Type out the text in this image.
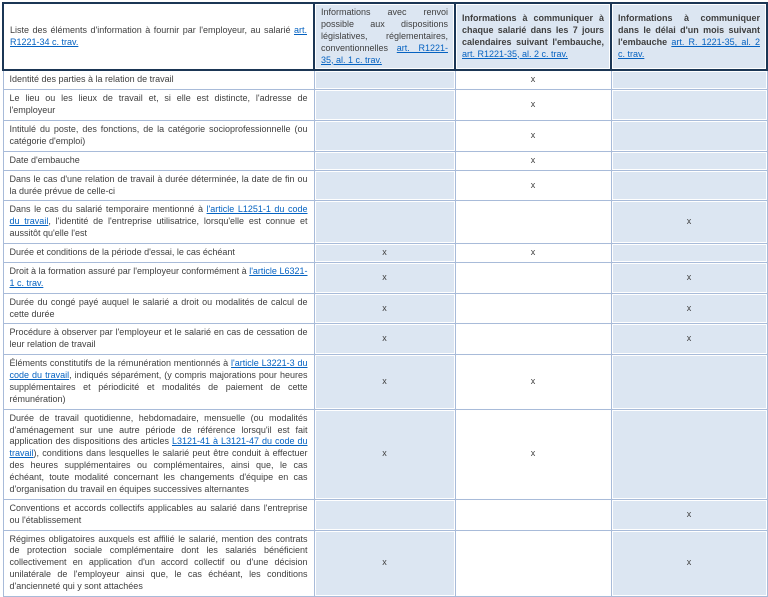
Liste des éléments d'information à fournir par l'employeur, au salarié art. R1221-34 c. trav.	Informations avec renvoi possible aux dispositions législatives, réglementaires, conventionnelles art. R1221-35, al. 1 c. trav.	Informations à communiquer à chaque salarié dans les 7 jours calendaires suivant l'embauche, art. R1221-35, al. 2 c. trav.	Informations à communiquer dans le délai d'un mois suivant l'embauche art. R. 1221-35, al. 2 c. trav.
Identité des parties à la relation de travail		x	
Le lieu ou les lieux de travail et, si elle est distincte, l'adresse de l'employeur		x	
Intitulé du poste, des fonctions, de la catégorie socioprofessionnelle (ou catégorie d'emploi)		x	
Date d'embauche		x	
Dans le cas d'une relation de travail à durée déterminée, la date de fin ou la durée prévue de celle-ci		x	
Dans le cas du salarié temporaire mentionné à l'article L1251-1 du code du travail, l'identité de l'entreprise utilisatrice, lorsqu'elle est connue et aussitôt qu'elle l'est			x
Durée et conditions de la période d'essai, le cas échéant	x	x	
Droit à la formation assuré par l'employeur conformément à l'article L6321-1 c. trav.	x		x
Durée du congé payé auquel le salarié a droit ou modalités de calcul de cette durée	x		x
Procédure à observer par l'employeur et le salarié en cas de cessation de leur relation de travail	x		x
Éléments constitutifs de la rémunération mentionnés à l'article L3221-3 du code du travail, indiqués séparément, (y compris majorations pour heures supplémentaires et périodicité et modalités de paiement de cette rémunération)	x	x	
Durée de travail quotidienne, hebdomadaire, mensuelle (ou modalités d'aménagement sur une autre période de référence lorsqu'il est fait application des dispositions des articles L3121-41 à L3121-47 du code du travail), conditions dans lesquelles le salarié peut être conduit à effectuer des heures supplémentaires ou complémentaires, ainsi que, le cas échéant, toute modalité concernant les changements d'équipe en cas d'organisation du travail en équipes successives alternantes	x	x	
Conventions et accords collectifs applicables au salarié dans l'entreprise ou l'établissement			x
Régimes obligatoires auxquels est affilié le salarié, mention des contrats de protection sociale complémentaire dont les salariés bénéficient collectivement en application d'un accord collectif ou d'une décision unilatérale de l'employeur ainsi que, le cas échéant, les conditions d'ancienneté qui y sont attachées	x		x
